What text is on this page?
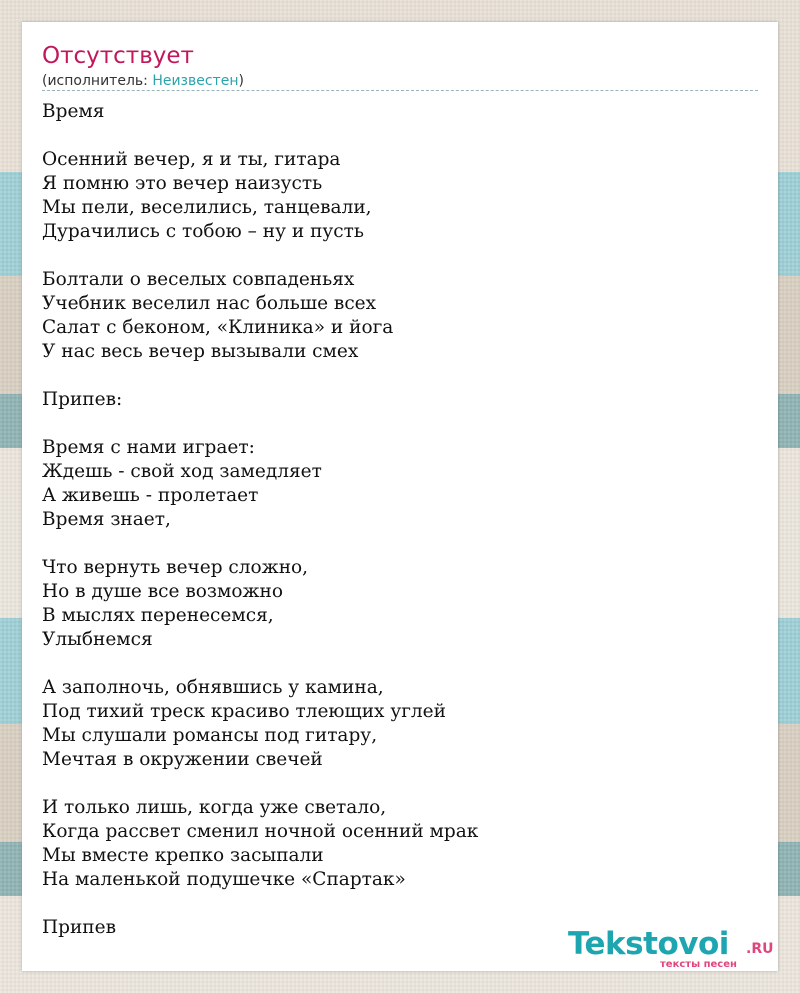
Отсутствует
(исполнитель: Неизвестен)
Время

Осенний вечер, я и ты, гитара
Я помню это вечер наизусть
Мы пели, веселились, танцевали,
Дурачились с тобою – ну и пусть

Болтали о веселых совпаденьях
Учебник веселил нас больше всех
Салат с беконом, «Клиника» и йога
У нас весь вечер вызывали смех

Припев:

Время с нами играет:
Ждешь - свой ход замедляет
А живешь - пролетает
Время знает,

Что вернуть вечер сложно,
Но в душе все возможно
В мыслях перенесемся,
Улыбнемся

А заполночь, обнявшись у камина,
Под тихий треск красиво тлеющих углей
Мы слушали романсы под гитару,
Мечтая в окружении свечей

И только лишь, когда уже светало,
Когда рассвет сменил ночной осенний мрак
Мы вместе крепко засыпали
На маленькой подушечке «Спартак»

Припев	Tekstovoi .RU
тексты песен
